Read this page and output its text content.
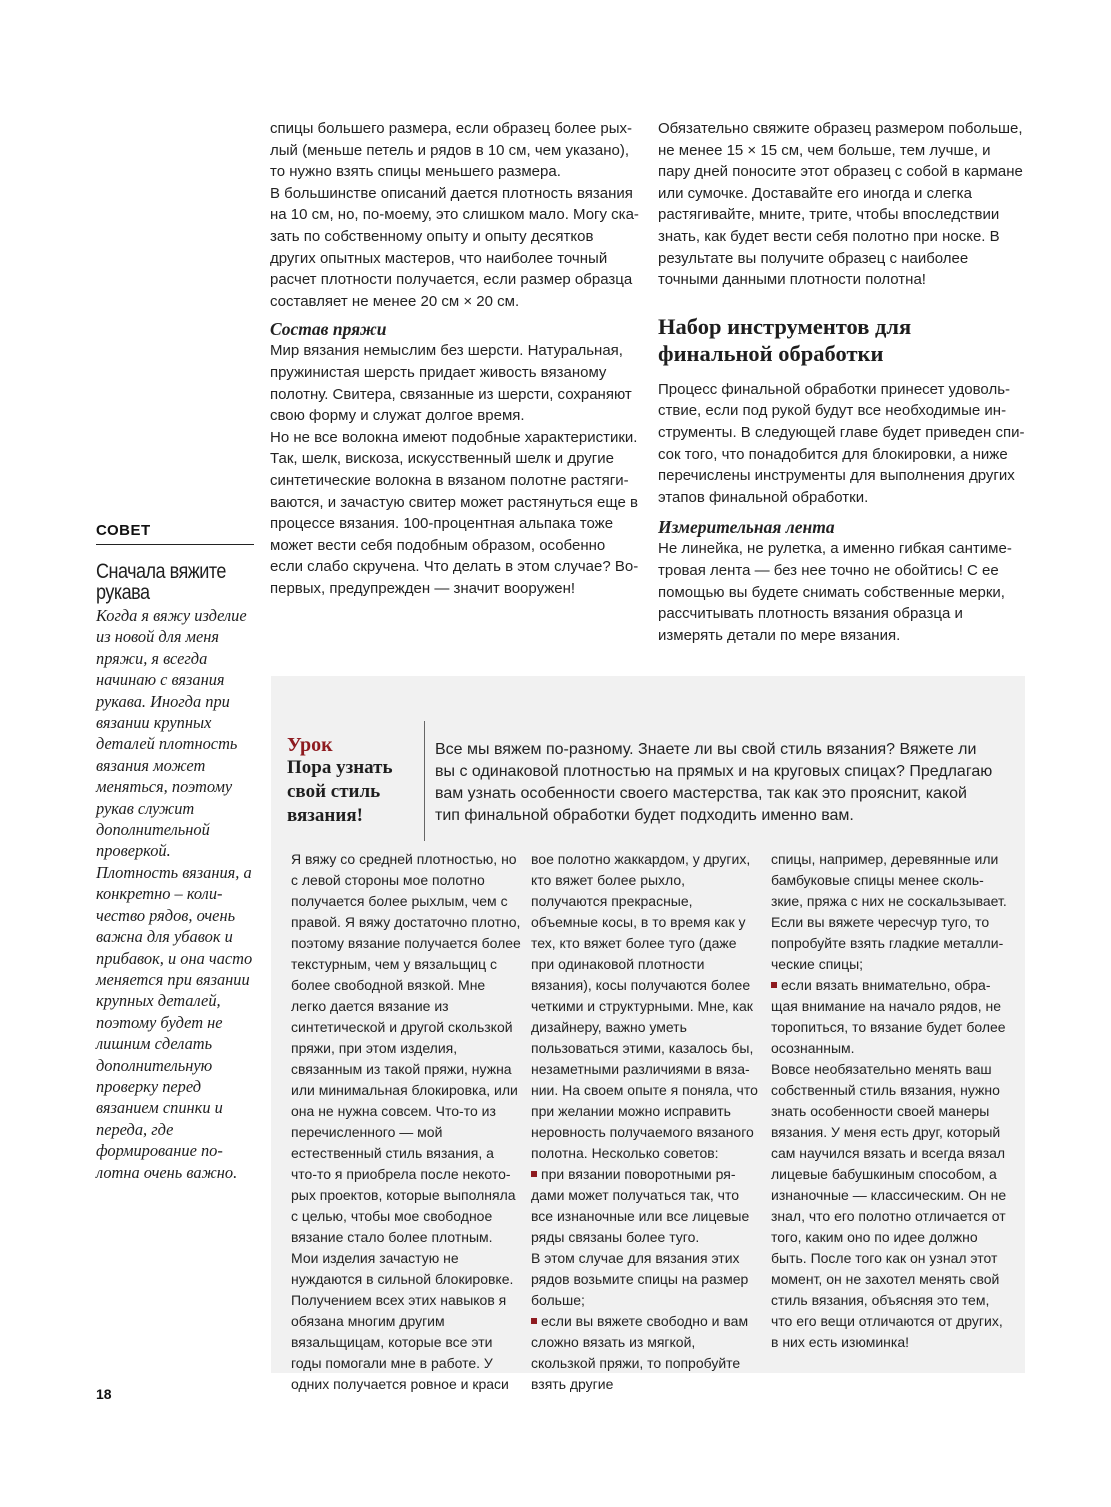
спицы большего размера, если образец более рыхлый (меньше петель и рядов в 10 см, чем указано), то нужно взять спицы меньшего размера.

В большинстве описаний дается плотность вязания на 10 см, но, по-моему, это слишком мало. Могу сказать по собственному опыту и опыту десятков других опытных мастеров, что наиболее точный расчет плотности получается, если размер образца составляет не менее 20 см × 20 см.

Состав пряжи

Мир вязания немыслим без шерсти. Натуральная, пружинистая шерсть придает живость вязаному полотну. Свитера, связанные из шерсти, сохраняют свою форму и служат долгое время.

Но не все волокна имеют подобные характеристики. Так, шелк, вискоза, искусственный шелк и другие синтетические волокна в вязаном полотне растягиваются, и зачастую свитер может растянуться еще в процессе вязания. 100-процентная альпака тоже может вести себя подобным образом, особенно если слабо скручена. Что делать в этом случае? Во-первых, предупрежден — значит вооружен!

Обязательно свяжите образец размером побольше, не менее 15 × 15 см, чем больше, тем лучше, и пару дней поносите этот образец с собой в кармане или сумочке. Доставайте его иногда и слегка растягивайте, мните, трите, чтобы впоследствии знать, как будет вести себя полотно при носке. В результате вы получите образец с наиболее точными данными плотности полотна!

Набор инструментов для финальной обработки

Процесс финальной обработки принесет удовольствие, если под рукой будут все необходимые инструменты. В следующей главе будет приведен список того, что понадобится для блокировки, а ниже перечислены инструменты для выполнения других этапов финальной обработки.

Измерительная лента

Не линейка, не рулетка, а именно гибкая сантиметровая лента — без нее точно не обойтись! С ее помощью вы будете снимать собственные мерки, рассчитывать плотность вязания образца и измерять детали по мере вязания.

СОВЕТ
Сначала вяжите рукава
Когда я вяжу изделие из новой для меня пряжи, я всегда начинаю с вязания рукава. Иногда при вязании крупных деталей плотность вязания может меняться, поэтому рукав служит дополнительной проверкой. Плотность вязания, а конкретно – количество рядов, очень важна для убавок и прибавок, и она часто меняется при вязании крупных деталей, поэтому будет не лишним сделать дополнительную проверку перед вязанием спинки и переда, где формирование полотна очень важно.
Урок
Пора узнать свой стиль вязания!
Все мы вяжем по-разному. Знаете ли вы свой стиль вязания? Вяжете ли вы с одинаковой плотностью на прямых и на круговых спицах? Предлагаю вам узнать особенности своего мастерства, так как это прояснит, какой тип финальной обработки будет подходить именно вам.

Я вяжу со средней плотностью, но с левой стороны мое полотно получается более рыхлым, чем с правой. Я вяжу достаточно плотно, поэтому вязание получается более текстурным, чем у вязальщиц с более свободной вязкой. Мне легко дается вязание из синтетической и другой скользкой пряжи, при этом изделия, связанным из такой пряжи, нужна или минимальная блокировка, или она не нужна совсем. Что-то из перечисленного — мой естественный стиль вязания, а что-то я приобрела после некоторых проектов, которые выполняла с целью, чтобы мое свободное вязание стало более плотным. Мои изделия зачастую не нуждаются в сильной блокировке. Получением всех этих навыков я обязана многим другим вязальщицам, которые все эти годы помогали мне в работе. У одних получается ровное и краси

вое полотно жаккардом, у других, кто вяжет более рыхло, получаются прекрасные, объемные косы, в то время как у тех, кто вяжет более туго (даже при одинаковой плотности вязания), косы получаются более четкими и структурными. Мне, как дизайнеру, важно уметь пользоваться этими, казалось бы, незаметными различиями в вязании. На своем опыте я поняла, что при желании можно исправить неровность получаемого вязаного полотна. Несколько советов:

при вязании поворотными рядами может получаться так, что все изнаночные или все лицевые ряды связаны более туго.

В этом случае для вязания этих рядов возьмите спицы на размер больше;

если вы вяжете свободно и вам сложно вязать из мягкой, скользкой пряжи, то попробуйте взять другие

спицы, например, деревянные или бамбуковые спицы менее скользкие, пряжа с них не соскальзывает. Если вы вяжете чересчур туго, то попробуйте взять гладкие металлические спицы;

если вязать внимательно, обращая внимание на начало рядов, не торопиться, то вязание будет более осознанным.

Вовсе необязательно менять ваш собственный стиль вязания, нужно знать особенности своей манеры вязания. У меня есть друг, который сам научился вязать и всегда вязал лицевые бабушкиным способом, а изнаночные — классическим. Он не знал, что его полотно отличается от того, каким оно по идее должно быть. После того как он узнал этот момент, он не захотел менять свой стиль вязания, объясняя это тем, что его вещи отличаются от других, в них есть изюминка!

18
